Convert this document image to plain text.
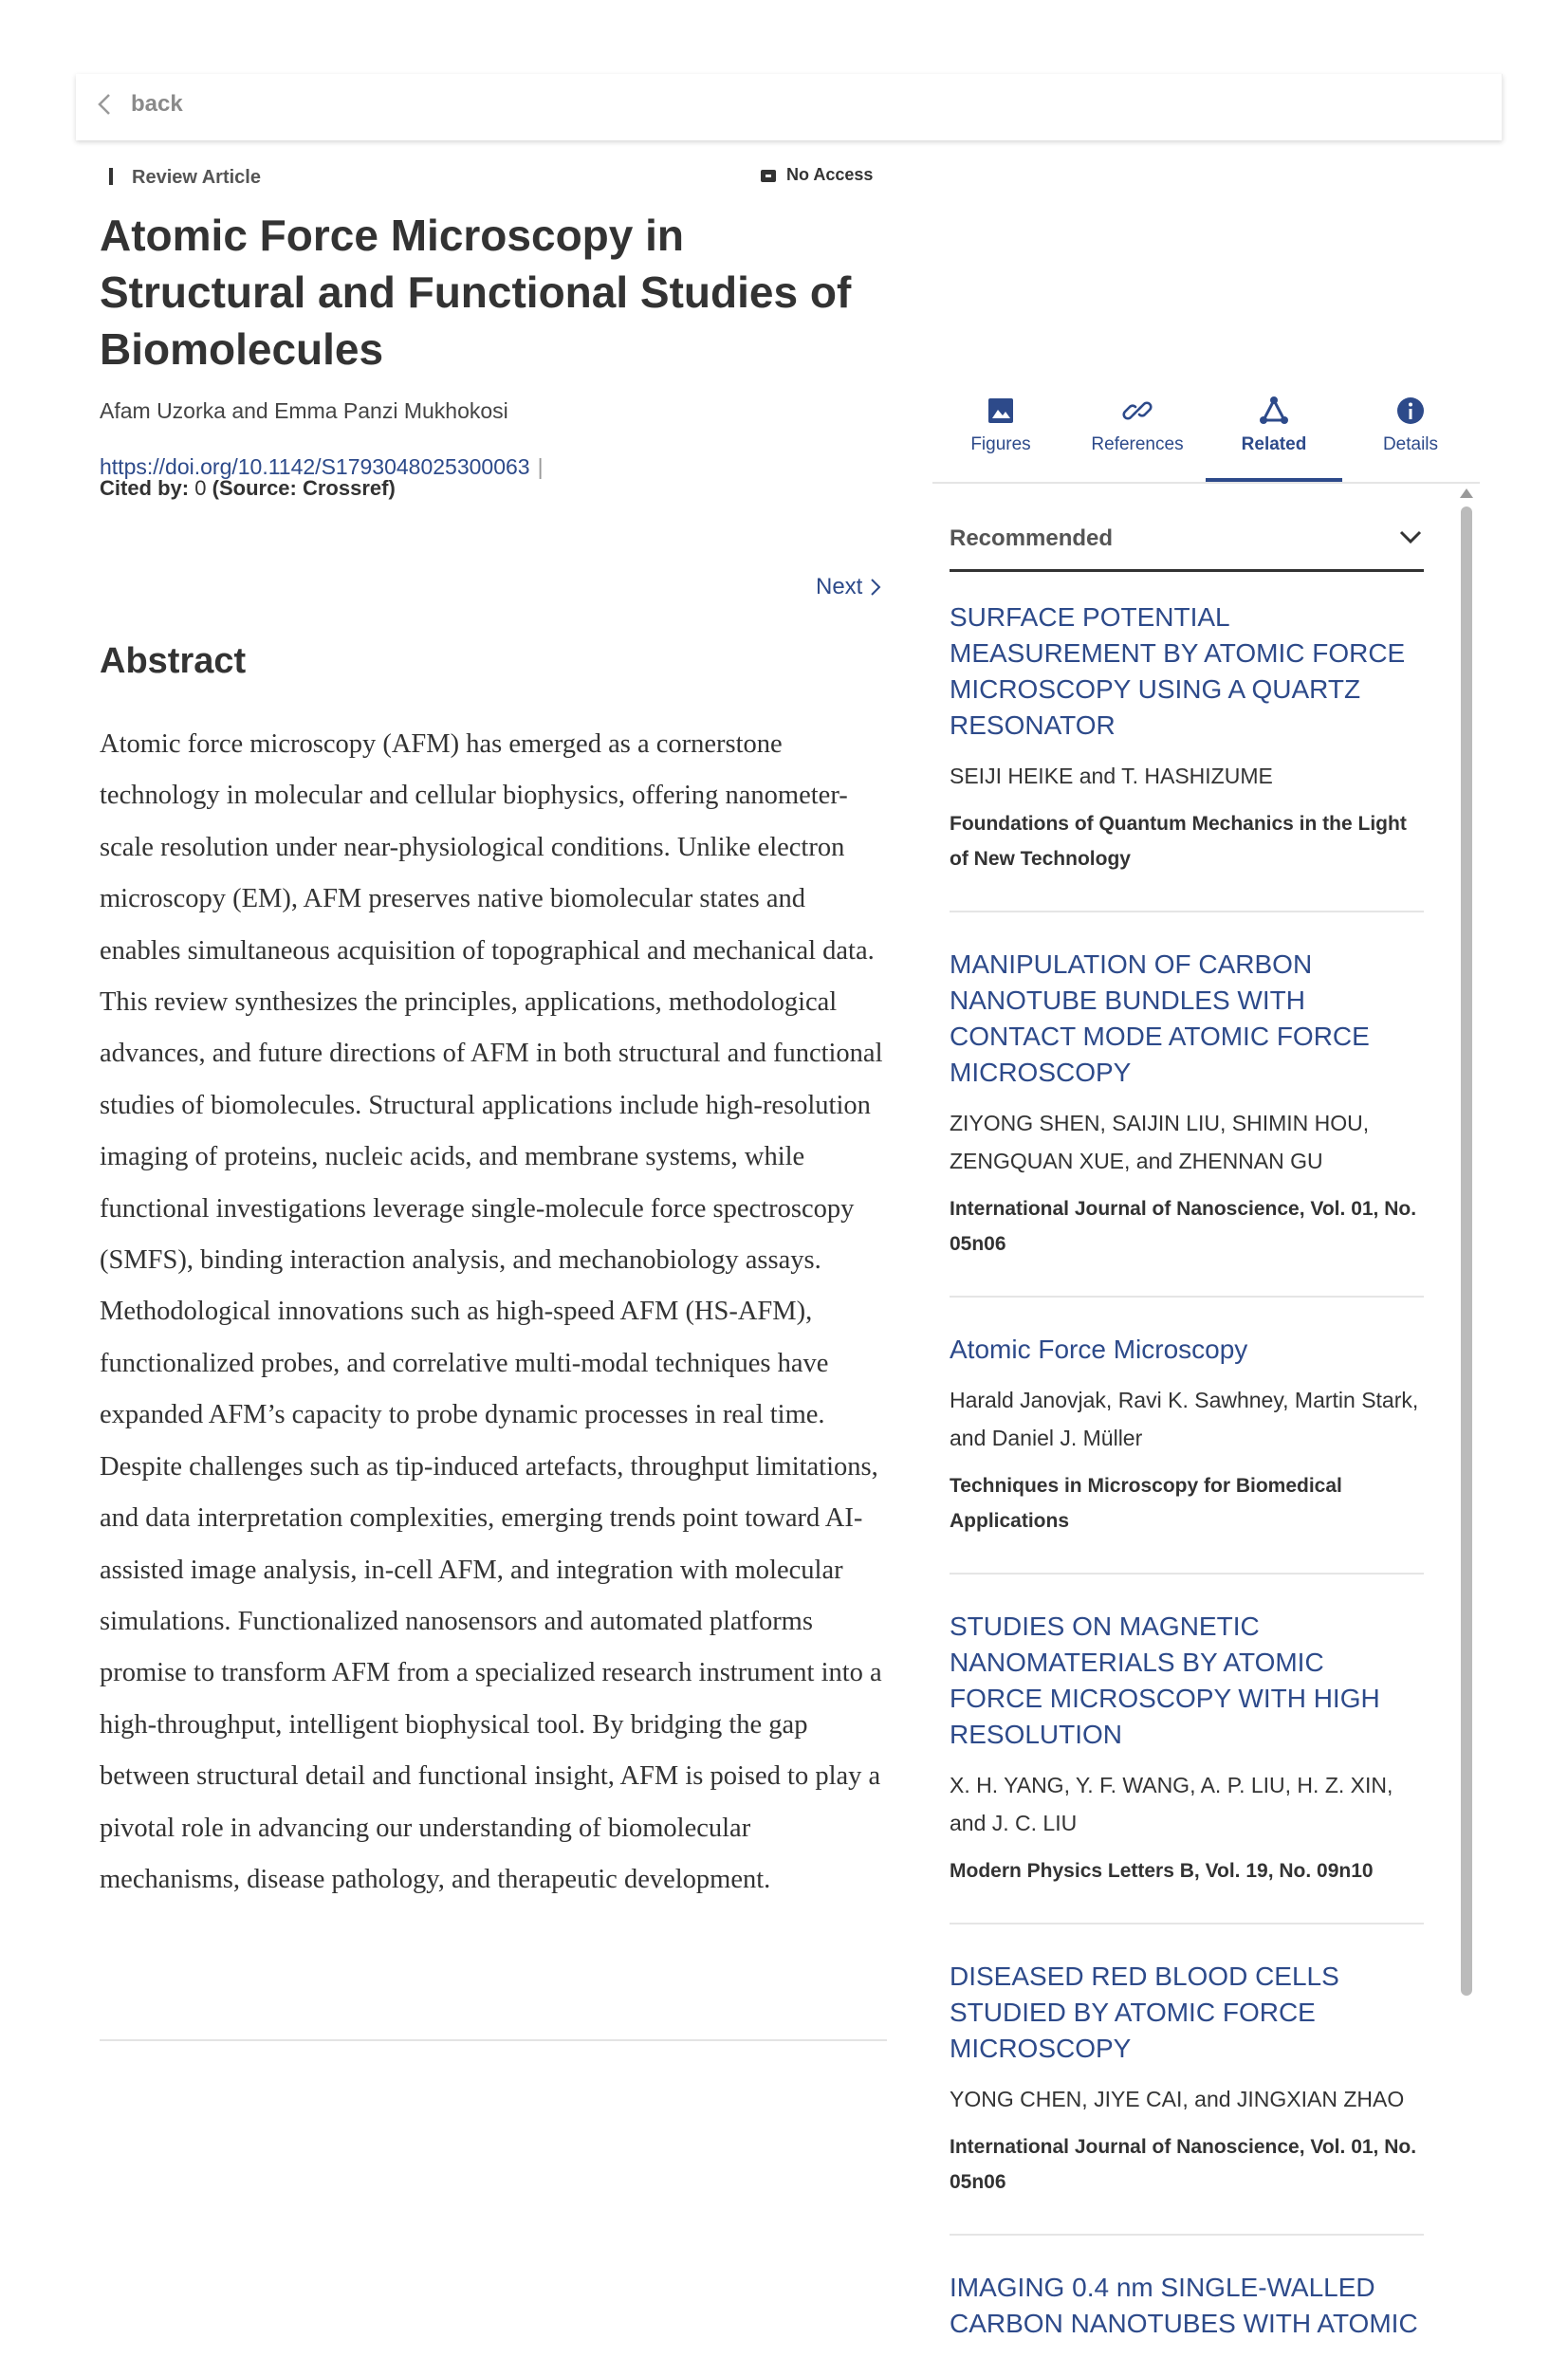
back
Review Article	No Access
Atomic Force Microscopy in Structural and Functional Studies of Biomolecules
Afam Uzorka and Emma Panzi Mukhokosi
https://doi.org/10.1142/S1793048025300063 |
Cited by: 0 (Source: Crossref)
Next
Abstract

Atomic force microscopy (AFM) has emerged as a cornerstone technology in molecular and cellular biophysics, offering nanometer-scale resolution under near-physiological conditions. Unlike electron microscopy (EM), AFM preserves native biomolecular states and enables simultaneous acquisition of topographical and mechanical data. This review synthesizes the principles, applications, methodological advances, and future directions of AFM in both structural and functional studies of biomolecules. Structural applications include high-resolution imaging of proteins, nucleic acids, and membrane systems, while functional investigations leverage single-molecule force spectroscopy (SMFS), binding interaction analysis, and mechanobiology assays. Methodological innovations such as high-speed AFM (HS-AFM), functionalized probes, and correlative multi-modal techniques have expanded AFM’s capacity to probe dynamic processes in real time. Despite challenges such as tip-induced artefacts, throughput limitations, and data interpretation complexities, emerging trends point toward AI-assisted image analysis, in-cell AFM, and integration with molecular simulations. Functionalized nanosensors and automated platforms promise to transform AFM from a specialized research instrument into a high-throughput, intelligent biophysical tool. By bridging the gap between structural detail and functional insight, AFM is poised to play a pivotal role in advancing our understanding of biomolecular mechanisms, disease pathology, and therapeutic development.

Figures	References	Related	Details
Recommended
SURFACE POTENTIAL MEASUREMENT BY ATOMIC FORCE MICROSCOPY USING A QUARTZ RESONATOR
SEIJI HEIKE and T. HASHIZUME
Foundations of Quantum Mechanics in the Light of New Technology
MANIPULATION OF CARBON NANOTUBE BUNDLES WITH CONTACT MODE ATOMIC FORCE MICROSCOPY
ZIYONG SHEN, SAIJIN LIU, SHIMIN HOU, ZENGQUAN XUE, and ZHENNAN GU
International Journal of Nanoscience, Vol. 01, No. 05n06
Atomic Force Microscopy
Harald Janovjak, Ravi K. Sawhney, Martin Stark, and Daniel J. Müller
Techniques in Microscopy for Biomedical Applications
STUDIES ON MAGNETIC NANOMATERIALS BY ATOMIC FORCE MICROSCOPY WITH HIGH RESOLUTION
X. H. YANG, Y. F. WANG, A. P. LIU, H. Z. XIN, and J. C. LIU
Modern Physics Letters B, Vol. 19, No. 09n10
DISEASED RED BLOOD CELLS STUDIED BY ATOMIC FORCE MICROSCOPY
YONG CHEN, JIYE CAI, and JINGXIAN ZHAO
International Journal of Nanoscience, Vol. 01, No. 05n06
IMAGING 0.4 nm SINGLE-WALLED CARBON NANOTUBES WITH ATOMIC
